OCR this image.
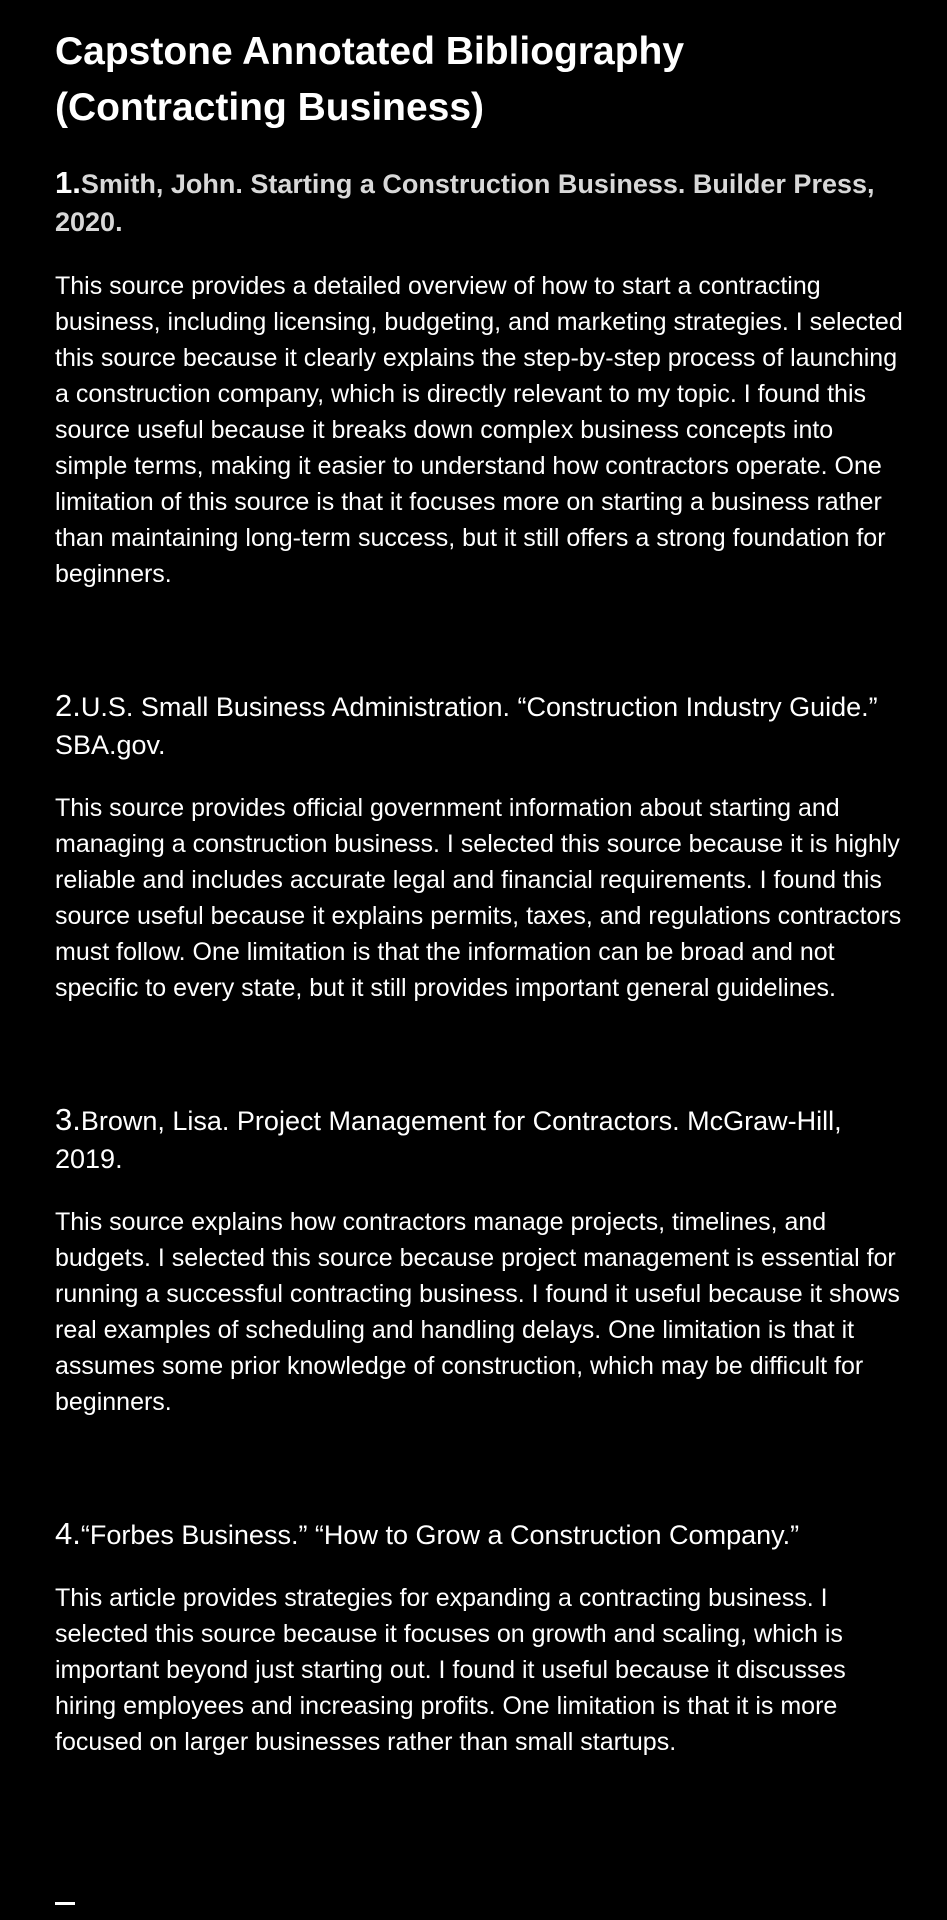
Capstone Annotated Bibliography (Contracting Business)

1.Smith, John. Starting a Construction Business. Builder Press, 2020.

This source provides a detailed overview of how to start a contracting business, including licensing, budgeting, and marketing strategies. I selected this source because it clearly explains the step-by-step process of launching a construction company, which is directly relevant to my topic. I found this source useful because it breaks down complex business concepts into simple terms, making it easier to understand how contractors operate. One limitation of this source is that it focuses more on starting a business rather than maintaining long-term success, but it still offers a strong foundation for beginners.

2.U.S. Small Business Administration. “Construction Industry Guide.” SBA.gov.

This source provides official government information about starting and managing a construction business. I selected this source because it is highly reliable and includes accurate legal and financial requirements. I found this source useful because it explains permits, taxes, and regulations contractors must follow. One limitation is that the information can be broad and not specific to every state, but it still provides important general guidelines.

3.Brown, Lisa. Project Management for Contractors. McGraw-Hill, 2019.

This source explains how contractors manage projects, timelines, and budgets. I selected this source because project management is essential for running a successful contracting business. I found it useful because it shows real examples of scheduling and handling delays. One limitation is that it assumes some prior knowledge of construction, which may be difficult for beginners.

4.“Forbes Business.” “How to Grow a Construction Company.”

This article provides strategies for expanding a contracting business. I selected this source because it focuses on growth and scaling, which is important beyond just starting out. I found it useful because it discusses hiring employees and increasing profits. One limitation is that it is more focused on larger businesses rather than small startups.
